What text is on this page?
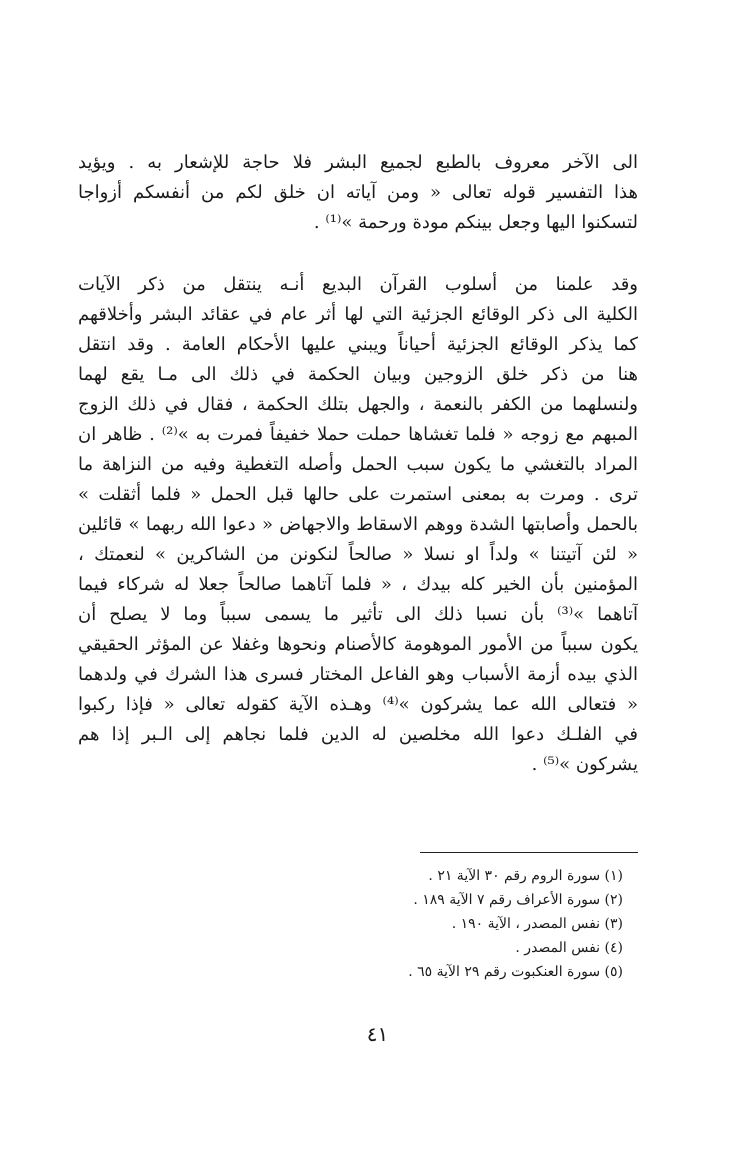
الى الآخر معروف بالطبع لجميع البشر فلا حاجة للإشعار به . ويؤيد
هذا التفسير قوله تعالى « ومن آياته ان خلق لكم من أنفسكم أزواجا
لتسكنوا اليها وجعل بينكم مودة ورحمة »⁽¹⁾ .
وقد علمنا من أسلوب القرآن البديع أنـه ينتقل من ذكر الآيات
الكلية الى ذكر الوقائع الجزئية التي لها أثر عام في عقائد البشر وأخلاقهم
كما يذكر الوقائع الجزئية أحياناً ويبني عليها الأحكام العامة . وقد انتقل
هنا من ذكر خلق الزوجين وبيان الحكمة في ذلك الى مـا يقع لهما
ولنسلهما من الكفر بالنعمة ، والجهل بتلك الحكمة ، فقال في ذلك الزوج
المبهم مع زوجه « فلما تغشاها حملت حملا خفيفاً فمرت به »⁽²⁾ . ظاهر ان
المراد بالتغشي ما يكون سبب الحمل وأصله التغطية وفيه من النزاهة ما
ترى . ومرت به بمعنى استمرت على حالها قبل الحمل « فلما أثقلت »
بالحمل وأصابتها الشدة ووهم الاسقاط والاجهاض « دعوا الله ربهما » قائلين
« لئن آتيتنا » ولداً او نسلا « صالحاً لنكونن من الشاكرين » لنعمتك ،
المؤمنين بأن الخير كله بيدك ، « فلما آتاهما صالحاً جعلا له شركاء فيما
آتاهما »⁽³⁾ بأن نسبا ذلك الى تأثير ما يسمى سبباً وما لا يصلح أن
يكون سبباً من الأمور الموهومة كالأصنام ونحوها وغفلا عن المؤثر الحقيقي
الذي بيده أزمة الأسباب وهو الفاعل المختار فسرى هذا الشرك في ولدهما
« فتعالى الله عما يشركون »⁽⁴⁾ وهـذه الآية كقوله تعالى « فإذا ركبوا
في الفلـك دعوا الله مخلصين له الدين فلما نجاهم إلى الـبر إذا هم
يشركون »⁽⁵⁾ .
(١) سورة الروم رقم ٣٠ الآية ٢١ .
(٢) سورة الأعراف رقم ٧ الآية ١٨٩ .
(٣) نفس المصدر ، الآية ١٩٠ .
(٤) نفس المصدر .
(٥) سورة العنكبوت رقم ٢٩ الآية ٦٥ .
٤١
